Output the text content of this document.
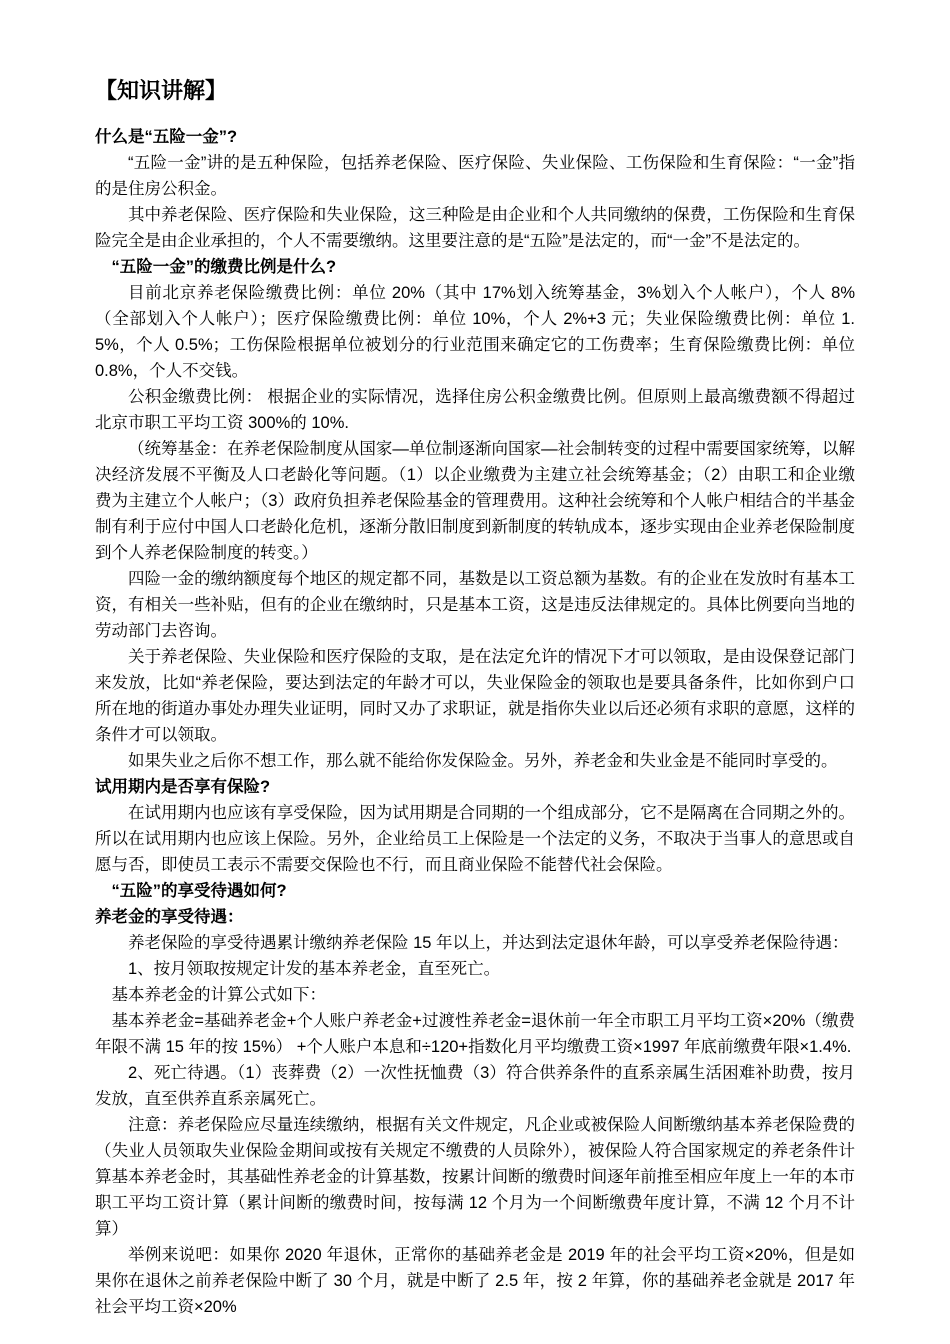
【知识讲解】
什么是“五险一金”?
“五险一金”讲的是五种保险，包括养老保险、医疗保险、失业保险、工伤保险和生育保险：“一金”指的是住房公积金。
其中养老保险、医疗保险和失业保险，这三种险是由企业和个人共同缴纳的保费，工伤保险和生育保险完全是由企业承担的，个人不需要缴纳。这里要注意的是“五险”是法定的，而“一金”不是法定的。
“五险一金”的缴费比例是什么?
目前北京养老保险缴费比例：单位 20%（其中 17%划入统筹基金，3%划入个人帐户），个人 8%（全部划入个人帐户）；医疗保险缴费比例：单位 10%，个人 2%+3 元；失业保险缴费比例：单位 1.5%，个人 0.5%；工伤保险根据单位被划分的行业范围来确定它的工伤费率；生育保险缴费比例：单位 0.8%，个人不交钱。
公积金缴费比例： 根据企业的实际情况，选择住房公积金缴费比例。但原则上最高缴费额不得超过北京市职工平均工资 300%的 10%.
（统筹基金：在养老保险制度从国家—单位制逐渐向国家—社会制转变的过程中需要国家统筹，以解决经济发展不平衡及人口老龄化等问题。（1）以企业缴费为主建立社会统筹基金；（2）由职工和企业缴费为主建立个人帐户；（3）政府负担养老保险基金的管理费用。这种社会统筹和个人帐户相结合的半基金制有利于应付中国人口老龄化危机，逐渐分散旧制度到新制度的转轨成本，逐步实现由企业养老保险制度到个人养老保险制度的转变。）
四险一金的缴纳额度每个地区的规定都不同，基数是以工资总额为基数。有的企业在发放时有基本工资，有相关一些补贴，但有的企业在缴纳时，只是基本工资，这是违反法律规定的。具体比例要向当地的劳动部门去咨询。
关于养老保险、失业保险和医疗保险的支取，是在法定允许的情况下才可以领取，是由设保登记部门来发放，比如“养老保险，要达到法定的年龄才可以，失业保险金的领取也是要具备条件，比如你到户口所在地的街道办事处办理失业证明，同时又办了求职证，就是指你失业以后还必须有求职的意愿，这样的条件才可以领取。
如果失业之后你不想工作，那么就不能给你发保险金。另外，养老金和失业金是不能同时享受的。
试用期内是否享有保险?
在试用期内也应该有享受保险，因为试用期是合同期的一个组成部分，它不是隔离在合同期之外的。所以在试用期内也应该上保险。另外，企业给员工上保险是一个法定的义务，不取决于当事人的意思或自愿与否，即使员工表示不需要交保险也不行，而且商业保险不能替代社会保险。
“五险”的享受待遇如何?
养老金的享受待遇：
养老保险的享受待遇累计缴纳养老保险 15 年以上，并达到法定退休年龄，可以享受养老保险待遇：
1、按月领取按规定计发的基本养老金，直至死亡。
基本养老金的计算公式如下：
基本养老金=基础养老金+个人账户养老金+过渡性养老金=退休前一年全市职工月平均工资×20%（缴费年限不满 15 年的按 15%） +个人账户本息和÷120+指数化月平均缴费工资×1997 年底前缴费年限×1.4%.
2、死亡待遇。（1）丧葬费（2）一次性抚恤费（3）符合供养条件的直系亲属生活困难补助费，按月发放，直至供养直系亲属死亡。
注意：养老保险应尽量连续缴纳，根据有关文件规定，凡企业或被保险人间断缴纳基本养老保险费的（失业人员领取失业保险金期间或按有关规定不缴费的人员除外），被保险人符合国家规定的养老条件计算基本养老金时，其基础性养老金的计算基数，按累计间断的缴费时间逐年前推至相应年度上一年的本市职工平均工资计算（累计间断的缴费时间，按每满 12 个月为一个间断缴费年度计算，不满 12 个月不计算）
举例来说吧：如果你 2020 年退休，正常你的基础养老金是 2019 年的社会平均工资×20%，但是如果你在退休之前养老保险中断了 30 个月，就是中断了 2.5 年，按 2 年算，你的基础养老金就是 2017 年社会平均工资×20%
